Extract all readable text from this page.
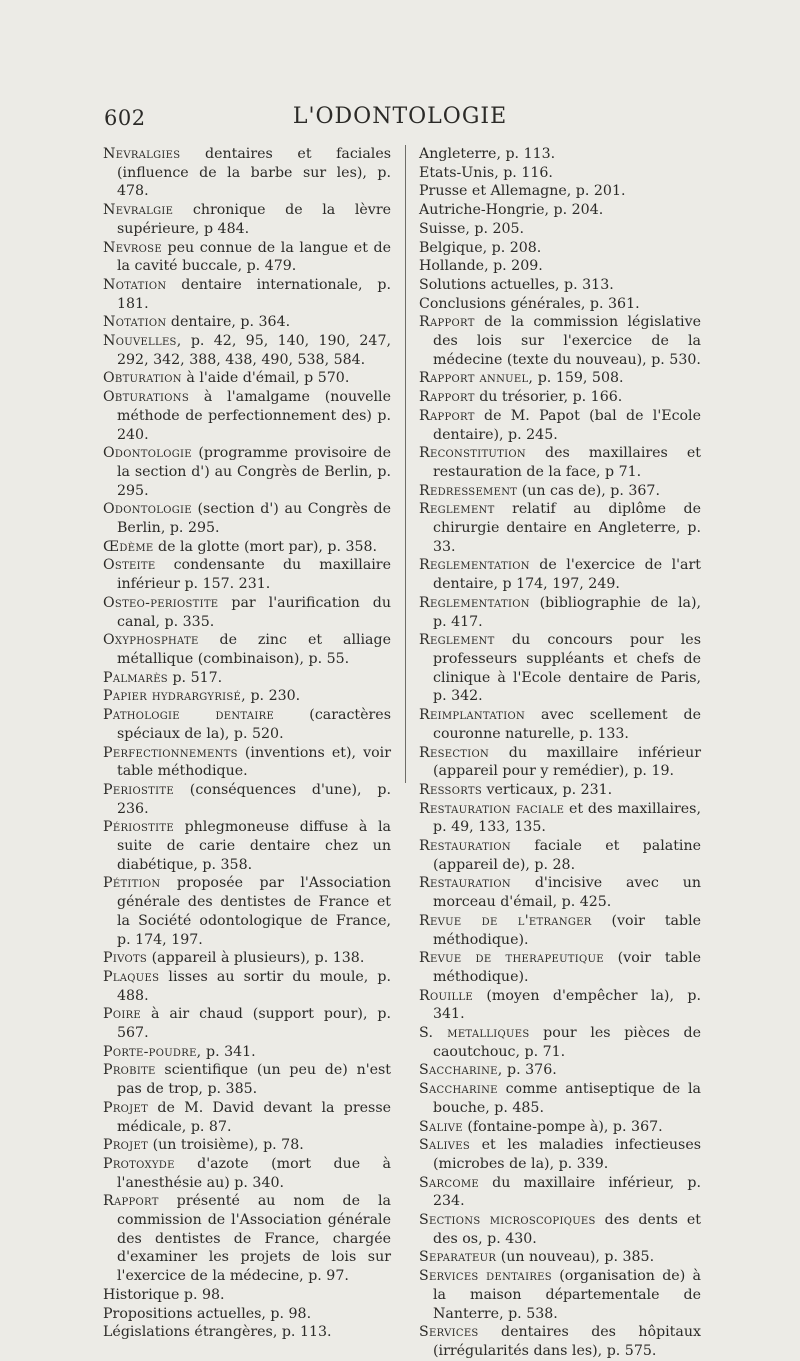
602	L'ODONTOLOGIE
Nevralgies dentaires et faciales (influence de la barbe sur les), p. 478.
Nevralgie chronique de la lèvre supérieure, p 484.
Nevrose peu connue de la langue et de la cavité buccale, p. 479.
Notation dentaire internationale, p. 181.
Notation dentaire, p. 364.
Nouvelles, p. 42, 95, 140, 190, 247, 292, 342, 388, 438, 490, 538, 584.
Obturation à l'aide d'émail, p 570.
Obturations à l'amalgame (nouvelle méthode de perfectionnement des) p. 240.
Odontologie (programme provisoire de la section d') au Congrès de Berlin, p. 295.
Odontologie (section d') au Congrès de Berlin, p. 295.
Œdème de la glotte (mort par), p. 358.
Osteite condensante du maxillaire inférieur p. 157. 231.
Osteo-periostite par l'aurification du canal, p. 335.
Oxyphosphate de zinc et alliage métallique (combinaison), p. 55.
Palmarès p. 517.
Papier hydrargyrisé, p. 230.
Pathologie dentaire (caractères spéciaux de la), p. 520.
Perfectionnements (inventions et), voir table méthodique.
Periostite (conséquences d'une), p. 236.
Périostite phlegmoneuse diffuse à la suite de carie dentaire chez un diabétique, p. 358.
Pétition proposée par l'Association générale des dentistes de France et la Société odontologique de France, p. 174, 197.
Pivots (appareil à plusieurs), p. 138.
Plaques lisses au sortir du moule, p. 488.
Poire à air chaud (support pour), p. 567.
Porte-poudre, p. 341.
Probite scientifique (un peu de) n'est pas de trop, p. 385.
Projet de M. David devant la presse médicale, p. 87.
Projet (un troisième), p. 78.
Protoxyde d'azote (mort due à l'anesthésie au) p. 340.
Rapport présenté au nom de la commission de l'Association générale des dentistes de France, chargée d'examiner les projets de lois sur l'exercice de la médecine, p. 97.
Historique p. 98.
Propositions actuelles, p. 98.
Législations étrangères, p. 113.
Angleterre, p. 113.
Etats-Unis, p. 116.
Prusse et Allemagne, p. 201.
Autriche-Hongrie, p. 204.
Suisse, p. 205.
Belgique, p. 208.
Hollande, p. 209.
Solutions actuelles, p. 313.
Conclusions générales, p. 361.
Rapport de la commission législative des lois sur l'exercice de la médecine (texte du nouveau), p. 530.
Rapport annuel, p. 159, 508.
Rapport du trésorier, p. 166.
Rapport de M. Papot (bal de l'Ecole dentaire), p. 245.
Reconstitution des maxillaires et restauration de la face, p 71.
Redressement (un cas de), p. 367.
Reglement relatif au diplôme de chirurgie dentaire en Angleterre, p. 33.
Reglementation de l'exercice de l'art dentaire, p 174, 197, 249.
Reglementation (bibliographie de la), p. 417.
Reglement du concours pour les professeurs suppléants et chefs de clinique à l'Ecole dentaire de Paris, p. 342.
Reimplantation avec scellement de couronne naturelle, p. 133.
Resection du maxillaire inférieur (appareil pour y remédier), p. 19.
Ressorts verticaux, p. 231.
Restauration faciale et des maxillaires, p. 49, 133, 135.
Restauration faciale et palatine (appareil de), p. 28.
Restauration d'incisive avec un morceau d'émail, p. 425.
Revue de l'etranger (voir table méthodique).
Revue de therapeutique (voir table méthodique).
Rouille (moyen d'empêcher la), p. 341.
S. metalliques pour les pièces de caoutchouc, p. 71.
Saccharine, p. 376.
Saccharine comme antiseptique de la bouche, p. 485.
Salive (fontaine-pompe à), p. 367.
Salives et les maladies infectieuses (microbes de la), p. 339.
Sarcome du maxillaire inférieur, p. 234.
Sections microscopiques des dents et des os, p. 430.
Separateur (un nouveau), p. 385.
Services dentaires (organisation de) à la maison départementale de Nanterre, p. 538.
Services dentaires des hôpitaux (irrégularités dans les), p. 575.
